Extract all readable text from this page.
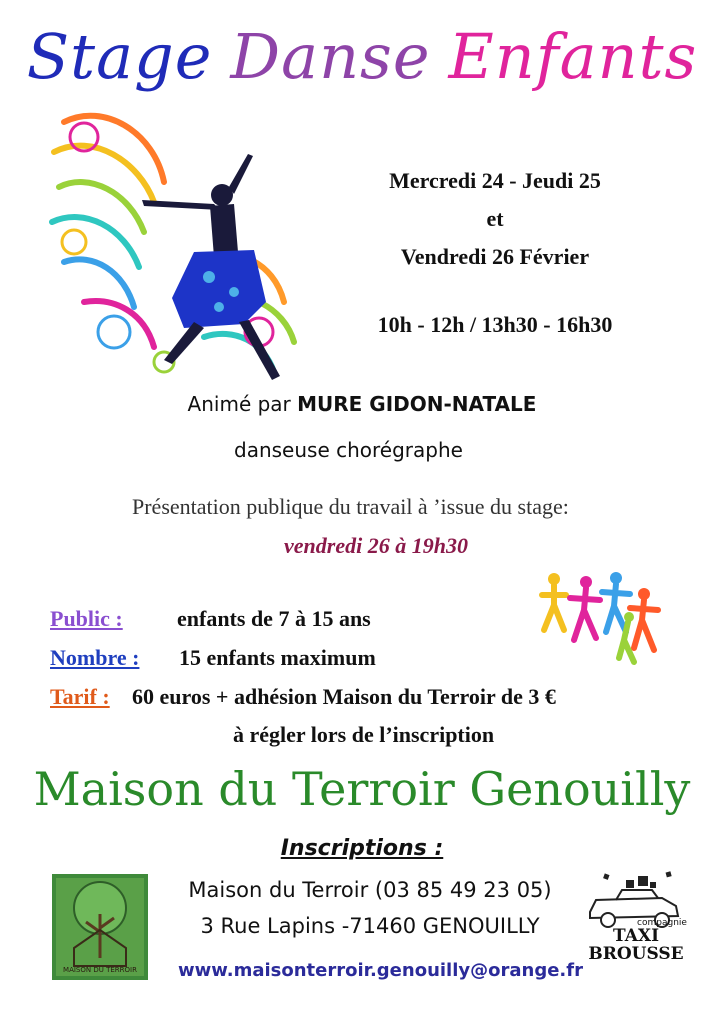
Stage Danse Enfants
Mercredi 24 - Jeudi 25
et
Vendredi 26 Février
10h - 12h / 13h30 - 16h30
Animé par MURE GIDON-NATALE
danseuse chorégraphe
Présentation publique du travail à ’issue du stage:
vendredi 26 à 19h30
Public : enfants de 7 à 15 ans
Nombre : 15 enfants maximum
Tarif : 60 euros + adhésion Maison du Terroir de 3 €
à régler lors de l’inscription
Maison du Terroir Genouilly
Inscriptions :
Maison du Terroir (03 85 49 23 05)
3 Rue Lapins -71460 GENOUILLY
www.maisonterroir.genouilly@orange.fr
MAISON DU TERROIR
compagnie
TAXI
BROUSSE
